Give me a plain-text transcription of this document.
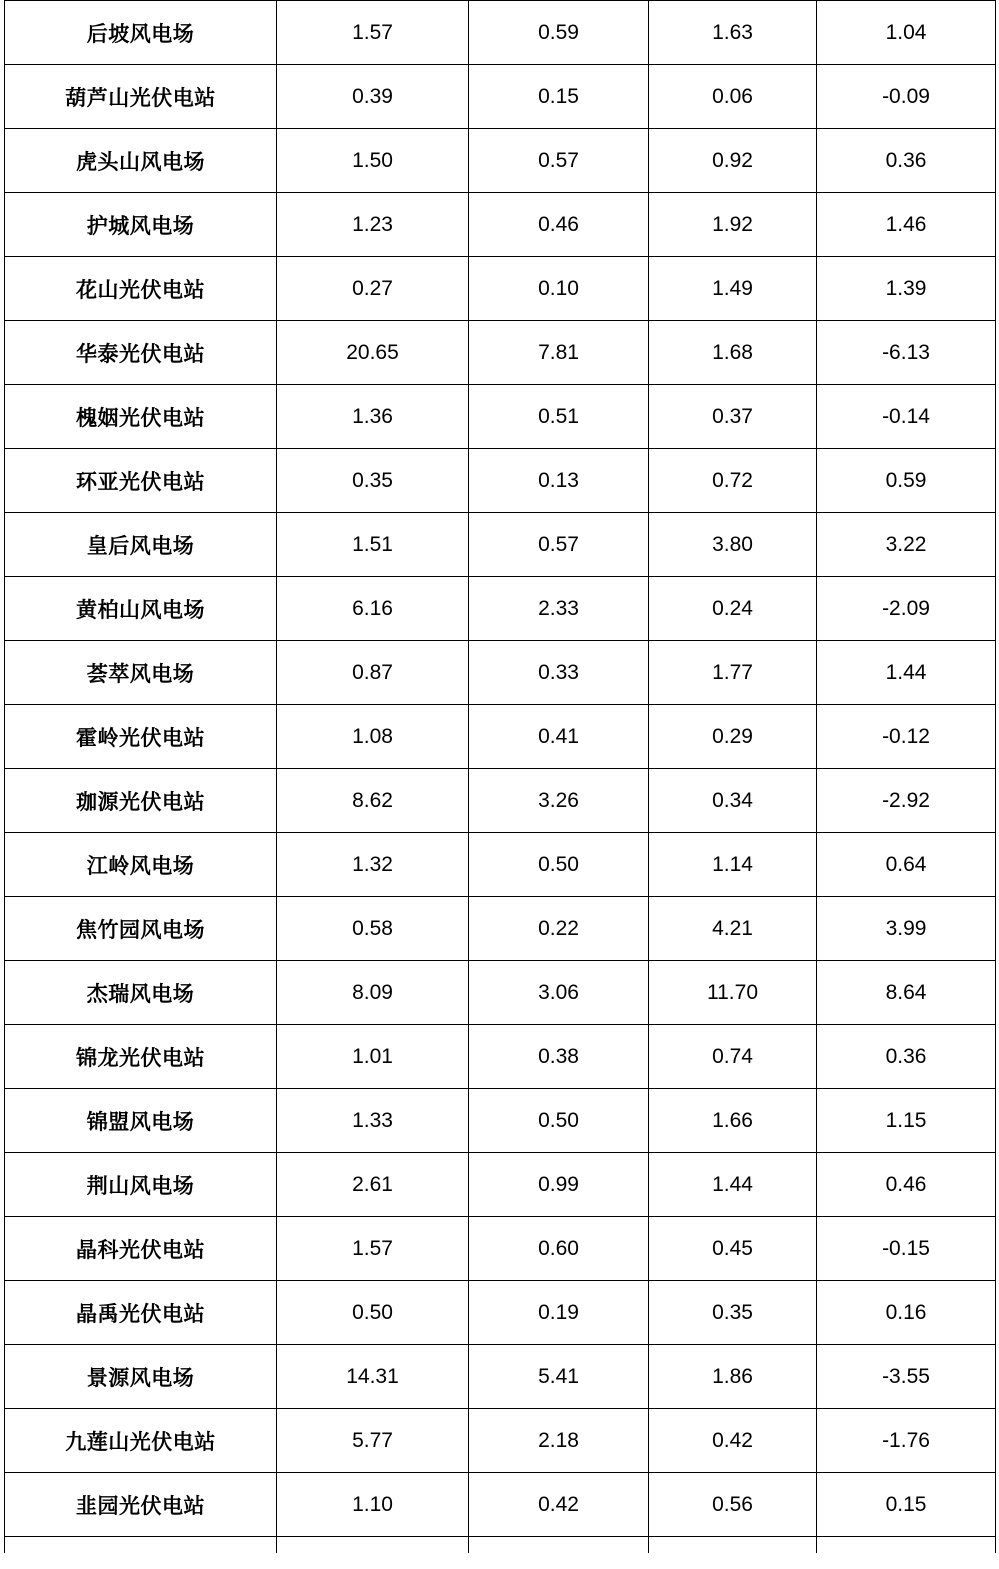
后坡风电场	1.57	0.59	1.63	1.04
葫芦山光伏电站	0.39	0.15	0.06	-0.09
虎头山风电场	1.50	0.57	0.92	0.36
护城风电场	1.23	0.46	1.92	1.46
花山光伏电站	0.27	0.10	1.49	1.39
华泰光伏电站	20.65	7.81	1.68	-6.13
槐姻光伏电站	1.36	0.51	0.37	-0.14
环亚光伏电站	0.35	0.13	0.72	0.59
皇后风电场	1.51	0.57	3.80	3.22
黄柏山风电场	6.16	2.33	0.24	-2.09
荟萃风电场	0.87	0.33	1.77	1.44
霍岭光伏电站	1.08	0.41	0.29	-0.12
珈源光伏电站	8.62	3.26	0.34	-2.92
江岭风电场	1.32	0.50	1.14	0.64
焦竹园风电场	0.58	0.22	4.21	3.99
杰瑞风电场	8.09	3.06	11.70	8.64
锦龙光伏电站	1.01	0.38	0.74	0.36
锦盟风电场	1.33	0.50	1.66	1.15
荆山风电场	2.61	0.99	1.44	0.46
晶科光伏电站	1.57	0.60	0.45	-0.15
晶禹光伏电站	0.50	0.19	0.35	0.16
景源风电场	14.31	5.41	1.86	-3.55
九莲山光伏电站	5.77	2.18	0.42	-1.76
韭园光伏电站	1.10	0.42	0.56	0.15
